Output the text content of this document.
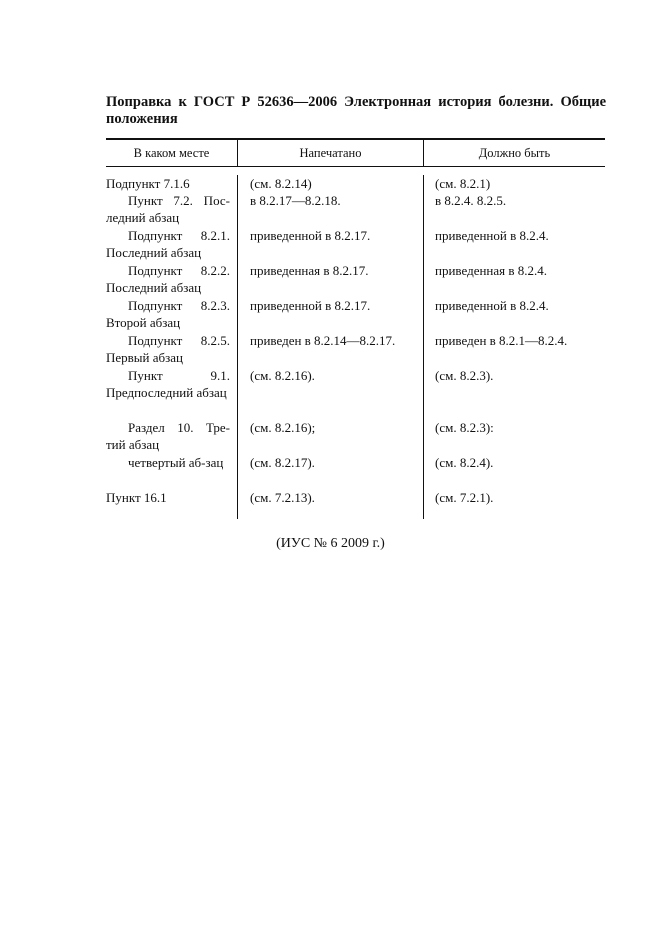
Поправка к ГОСТ Р 52636—2006 Электронная история болезни. Общие положения

В каком месте	Напечатано	Должно быть
Подпункт 7.1.6
Пункт 7.2. Пос-ледний абзац
Подпункт 8.2.1. Последний абзац
Подпункт 8.2.2. Последний абзац
Подпункт 8.2.3. Второй абзац
Подпункт 8.2.5. Первый абзац
Пункт 9.1. Предпоследний абзац
Раздел 10. Тре-тий абзац
четвертый аб-зац
Пункт 16.1
(см. 8.2.14)
в 8.2.17—8.2.18.
приведенной в 8.2.17.
приведенная в 8.2.17.
приведенной в 8.2.17.
приведен в 8.2.14—8.2.17.
(см. 8.2.16).
(см. 8.2.16);
(см. 8.2.17).
(см. 7.2.13).
(см. 8.2.1)
в 8.2.4. 8.2.5.
приведенной в 8.2.4.
приведенная в 8.2.4.
приведенной в 8.2.4.
приведен в 8.2.1—8.2.4.
(см. 8.2.3).
(см. 8.2.3):
(см. 8.2.4).
(см. 7.2.1).
(ИУС № 6 2009 г.)
